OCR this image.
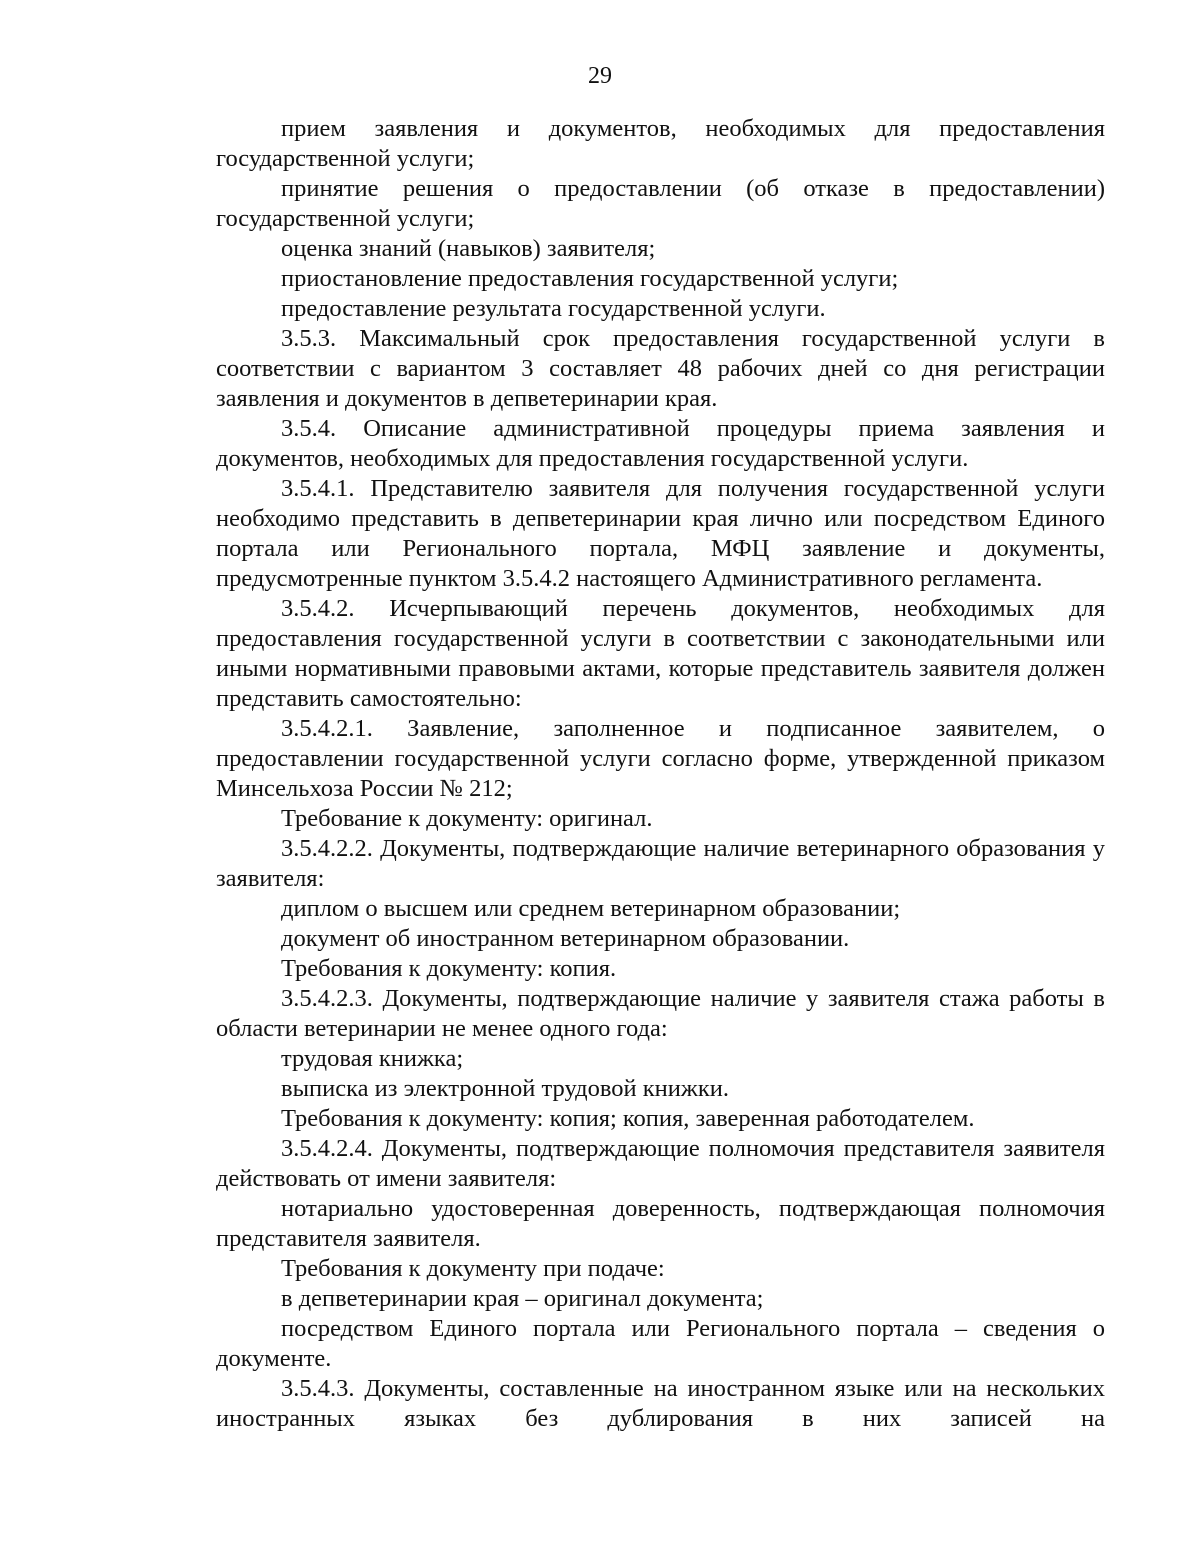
29

прием заявления и документов, необходимых для предоставления государственной услуги;

принятие решения о предоставлении (об отказе в предоставлении) государственной услуги;

оценка знаний (навыков) заявителя;

приостановление предоставления государственной услуги;

предоставление результата государственной услуги.

3.5.3. Максимальный срок предоставления государственной услуги в соответствии с вариантом 3 составляет 48 рабочих дней со дня регистрации заявления и документов в депветеринарии края.

3.5.4. Описание административной процедуры приема заявления и документов, необходимых для предоставления государственной услуги.

3.5.4.1. Представителю заявителя для получения государственной услуги необходимо представить в депветеринарии края лично или посредством Единого портала или Регионального портала, МФЦ заявление и документы, предусмотренные пунктом 3.5.4.2 настоящего Административного регламента.

3.5.4.2. Исчерпывающий перечень документов, необходимых для предоставления государственной услуги в соответствии с законодательными или иными нормативными правовыми актами, которые представитель заявителя должен представить самостоятельно:

3.5.4.2.1. Заявление, заполненное и подписанное заявителем, о предоставлении государственной услуги согласно форме, утвержденной приказом Минсельхоза России № 212;

Требование к документу: оригинал.

3.5.4.2.2. Документы, подтверждающие наличие ветеринарного образования у заявителя:

диплом о высшем или среднем ветеринарном образовании;

документ об иностранном ветеринарном образовании.

Требования к документу: копия.

3.5.4.2.3. Документы, подтверждающие наличие у заявителя стажа работы в области ветеринарии не менее одного года:

трудовая книжка;

выписка из электронной трудовой книжки.

Требования к документу: копия; копия, заверенная работодателем.

3.5.4.2.4. Документы, подтверждающие полномочия представителя заявителя действовать от имени заявителя:

нотариально удостоверенная доверенность, подтверждающая полномочия представителя заявителя.

Требования к документу при подаче:

в депветеринарии края – оригинал документа;

посредством Единого портала или Регионального портала – сведения о документе.

3.5.4.3. Документы, составленные на иностранном языке или на нескольких иностранных языках без дублирования в них записей на
